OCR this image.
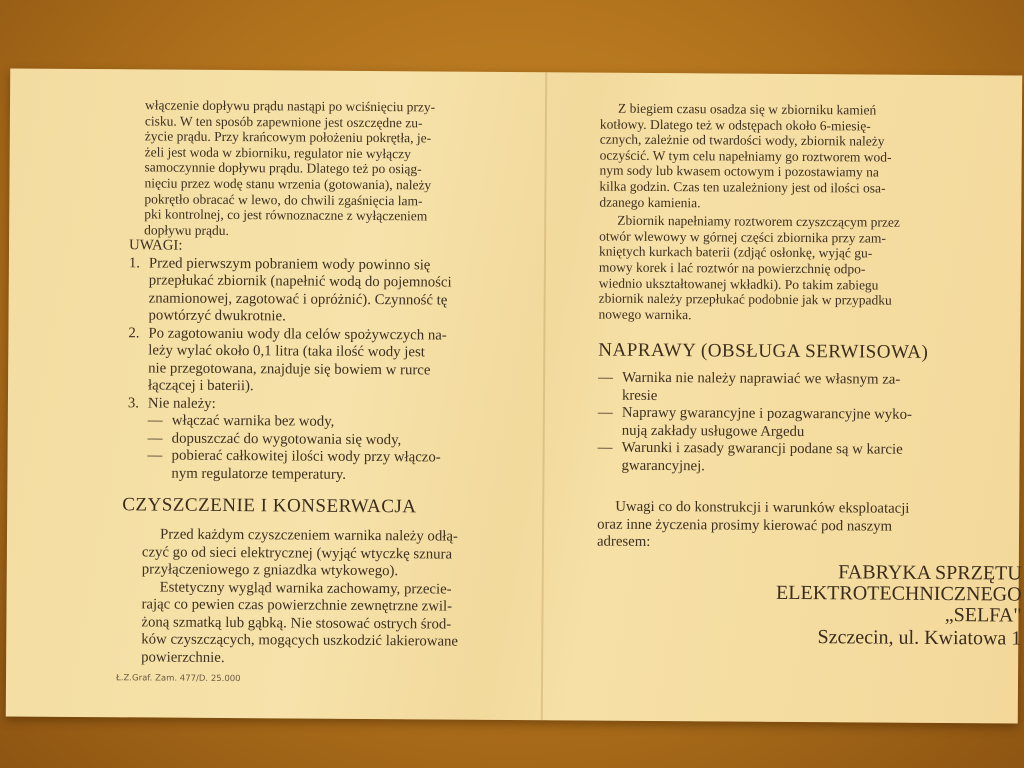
włączenie dopływu prądu nastąpi po wciśnięciu przy-
cisku. W ten sposób zapewnione jest oszczędne zu-
życie prądu. Przy krańcowym położeniu pokrętła, je-
żeli jest woda w zbiorniku, regulator nie wyłączy
samoczynnie dopływu prądu. Dlatego też po osiąg-
nięciu przez wodę stanu wrzenia (gotowania), należy
pokrętło obracać w lewo, do chwili zgaśnięcia lam-
pki kontrolnej, co jest równoznaczne z wyłączeniem
dopływu prądu.

UWAGI:

1. Przed pierwszym pobraniem wody powinno się
przepłukać zbiornik (napełnić wodą do pojemności
znamionowej, zagotować i opróżnić). Czynność tę
powtórzyć dwukrotnie.
2. Po zagotowaniu wody dla celów spożywczych na-
leży wylać około 0,1 litra (taka ilość wody jest
nie przegotowana, znajduje się bowiem w rurce
łączącej i baterii).
3. Nie należy:
— włączać warnika bez wody,
— dopuszczać do wygotowania się wody,
— pobierać całkowitej ilości wody przy włączo-
nym regulatorze temperatury.
CZYSZCZENIE I KONSERWACJA
Przed każdym czyszczeniem warnika należy odłą-
czyć go od sieci elektrycznej (wyjąć wtyczkę sznura
przyłączeniowego z gniazdka wtykowego).
Estetyczny wygląd warnika zachowamy, przecie-
rając co pewien czas powierzchnie zewnętrzne zwil-
żoną szmatką lub gąbką. Nie stosować ostrych środ-
ków czyszczących, mogących uszkodzić lakierowane
powierzchnie.
Ł.Z.Graf. Zam. 477/D. 25.000
Z biegiem czasu osadza się w zbiorniku kamień
kotłowy. Dlatego też w odstępach około 6-miesię-
cznych, zależnie od twardości wody, zbiornik należy
oczyścić. W tym celu napełniamy go roztworem wod-
nym sody lub kwasem octowym i pozostawiamy na
kilka godzin. Czas ten uzależniony jest od ilości osa-
dzanego kamienia.
Zbiornik napełniamy roztworem czyszczącym przez
otwór wlewowy w górnej części zbiornika przy zam-
kniętych kurkach baterii (zdjąć osłonkę, wyjąć gu-
mowy korek i lać roztwór na powierzchnię odpo-
wiednio ukształtowanej wkładki). Po takim zabiegu
zbiornik należy przepłukać podobnie jak w przypadku
nowego warnika.
NAPRAWY (OBSŁUGA SERWISOWA)
— Warnika nie należy naprawiać we własnym za-
kresie
— Naprawy gwarancyjne i pozagwarancyjne wyko-
nują zakłady usługowe Argedu
— Warunki i zasady gwarancji podane są w karcie
gwarancyjnej.
Uwagi co do konstrukcji i warunków eksploatacji
oraz inne życzenia prosimy kierować pod naszym
adresem:
FABRYKA SPRZĘTU
ELEKTROTECHNICZNEGO
„SELFA"
Szczecin, ul. Kwiatowa 1
